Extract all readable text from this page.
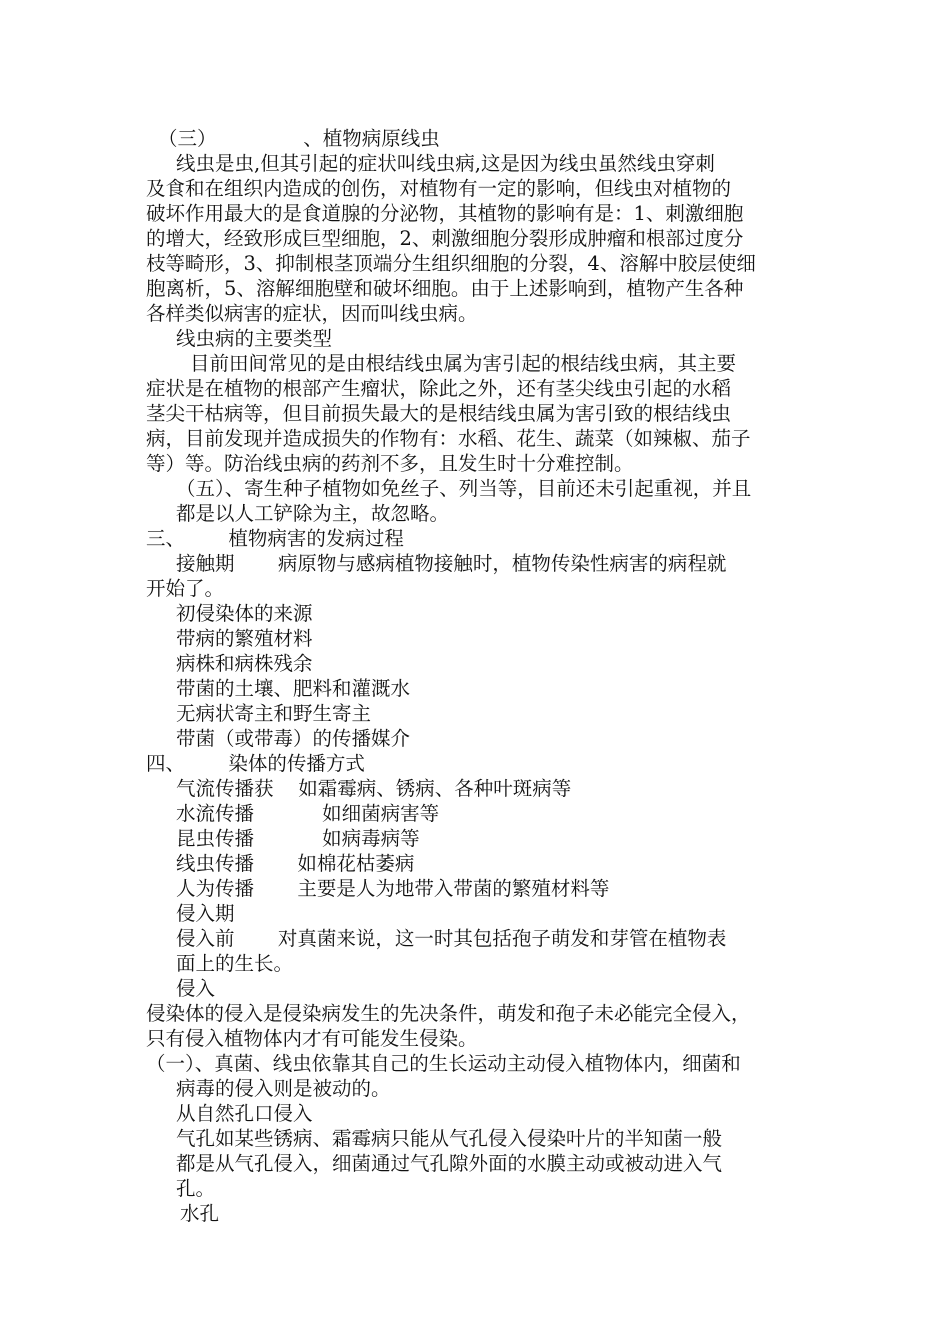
（三）              、植物病原线虫
线虫是虫,但其引起的症状叫线虫病,这是因为线虫虽然线虫穿刺
及食和在组织内造成的创伤，对植物有一定的影响，但线虫对植物的
破坏作用最大的是食道腺的分泌物，其植物的影响有是：1、刺激细胞
的增大，经致形成巨型细胞，2、刺激细胞分裂形成肿瘤和根部过度分
枝等畸形，3、抑制根茎顶端分生组织细胞的分裂，4、溶解中胶层使细
胞离析，5、溶解细胞壁和破坏细胞。由于上述影响到，植物产生各种
各样类似病害的症状，因而叫线虫病。
线虫病的主要类型
目前田间常见的是由根结线虫属为害引起的根结线虫病，其主要
症状是在植物的根部产生瘤状，除此之外，还有茎尖线虫引起的水稻
茎尖干枯病等，但目前损失最大的是根结线虫属为害引致的根结线虫
病，目前发现并造成损失的作物有：水稻、花生、蔬菜（如辣椒、茄子
等）等。防治线虫病的药剂不多，且发生时十分难控制。
（五）、寄生种子植物如免丝子、列当等，目前还未引起重视，并且
都是以人工铲除为主，故忽略。
三、       植物病害的发病过程
接触期       病原物与感病植物接触时，植物传染性病害的病程就
开始了。
初侵染体的来源
带病的繁殖材料
病株和病株残余
带菌的土壤、肥料和灌溉水
无病状寄主和野生寄主
带菌（或带毒）的传播媒介
四、       染体的传播方式
气流传播获    如霜霉病、锈病、各种叶斑病等
水流传播           如细菌病害等
昆虫传播           如病毒病等
线虫传播       如棉花枯萎病
人为传播       主要是人为地带入带菌的繁殖材料等
侵入期
侵入前       对真菌来说，这一时其包括孢子萌发和芽管在植物表
面上的生长。
侵入
侵染体的侵入是侵染病发生的先决条件，萌发和孢子未必能完全侵入，
只有侵入植物体内才有可能发生侵染。
（一）、真菌、线虫依靠其自己的生长运动主动侵入植物体内，细菌和
病毒的侵入则是被动的。
从自然孔口侵入
气孔如某些锈病、霜霉病只能从气孔侵入侵染叶片的半知菌一般
都是从气孔侵入，细菌通过气孔隙外面的水膜主动或被动进入气
孔。
水孔
